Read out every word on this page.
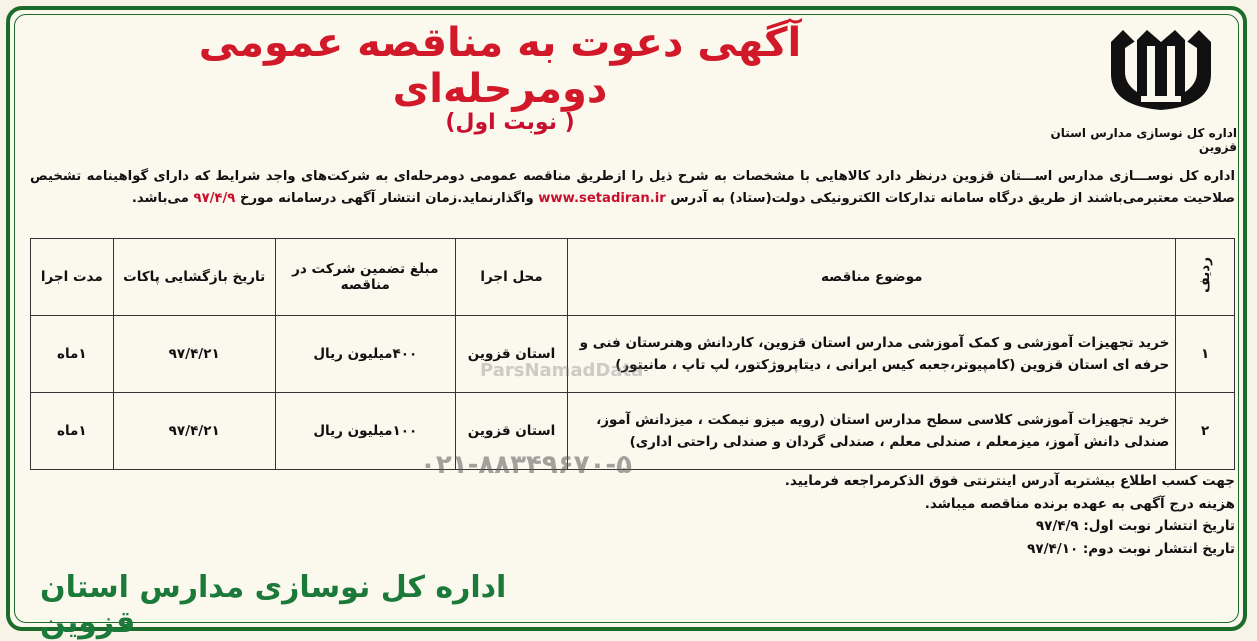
اداره کل نوسازی مدارس استان قزوین
آگهی دعوت به مناقصه عمومی دومرحله‌ای
( نوبت اول)
اداره کل نوســـازی مدارس اســـتان قزوین درنظر دارد کالاهایی با مشخصات به شرح ذیل را ازطریق مناقصه عمومی دومرحله‌ای به شرکت‌های واجد شرایط که دارای گواهینامه تشخیص صلاحیت معتبرمی‌باشند از طریق درگاه سامانه تدارکات الکترونیکی دولت(ستاد) به آدرس www.setadiran.ir واگذارنماید.زمان انتشار آگهی درسامانه مورخ ۹۷/۴/۹ می‌باشد.
ردیف	موضوع مناقصه	محل اجرا	مبلغ تضمین شرکت در مناقصه	تاریخ بازگشایی پاکات	مدت اجرا
۱	خرید تجهیزات آموزشی و کمک آموزشی مدارس استان قزوین، کاردانش وهنرستان فنی و حرفه ای استان قزوین (کامپیوتر،جعبه کیس ایرانی ، دیتاپروژکتور، لپ تاپ ، مانیتور)	استان قزوین	۴۰۰میلیون ریال	۹۷/۴/۲۱	۱ماه
۲	خرید تجهیزات آموزشی کلاسی سطح مدارس استان (رویه میزو نیمکت ، میزدانش آموز، صندلی دانش آموز، میزمعلم ، صندلی معلم ، صندلی گردان و صندلی راحتی اداری)	استان قزوین	۱۰۰میلیون ریال	۹۷/۴/۲۱	۱ماه
ParsNamadData
۰۲۱-۸۸۳۴۹۶۷۰-۵
جهت کسب اطلاع بیشتربه آدرس اینترنتی فوق الذکرمراجعه فرمایید.
هزینه درج آگهی به عهده برنده مناقصه میباشد.
تاریخ انتشار نوبت اول: ۹۷/۴/۹
تاریخ انتشار نوبت دوم: ۹۷/۴/۱۰
اداره کل نوسازی مدارس استان قزوین
